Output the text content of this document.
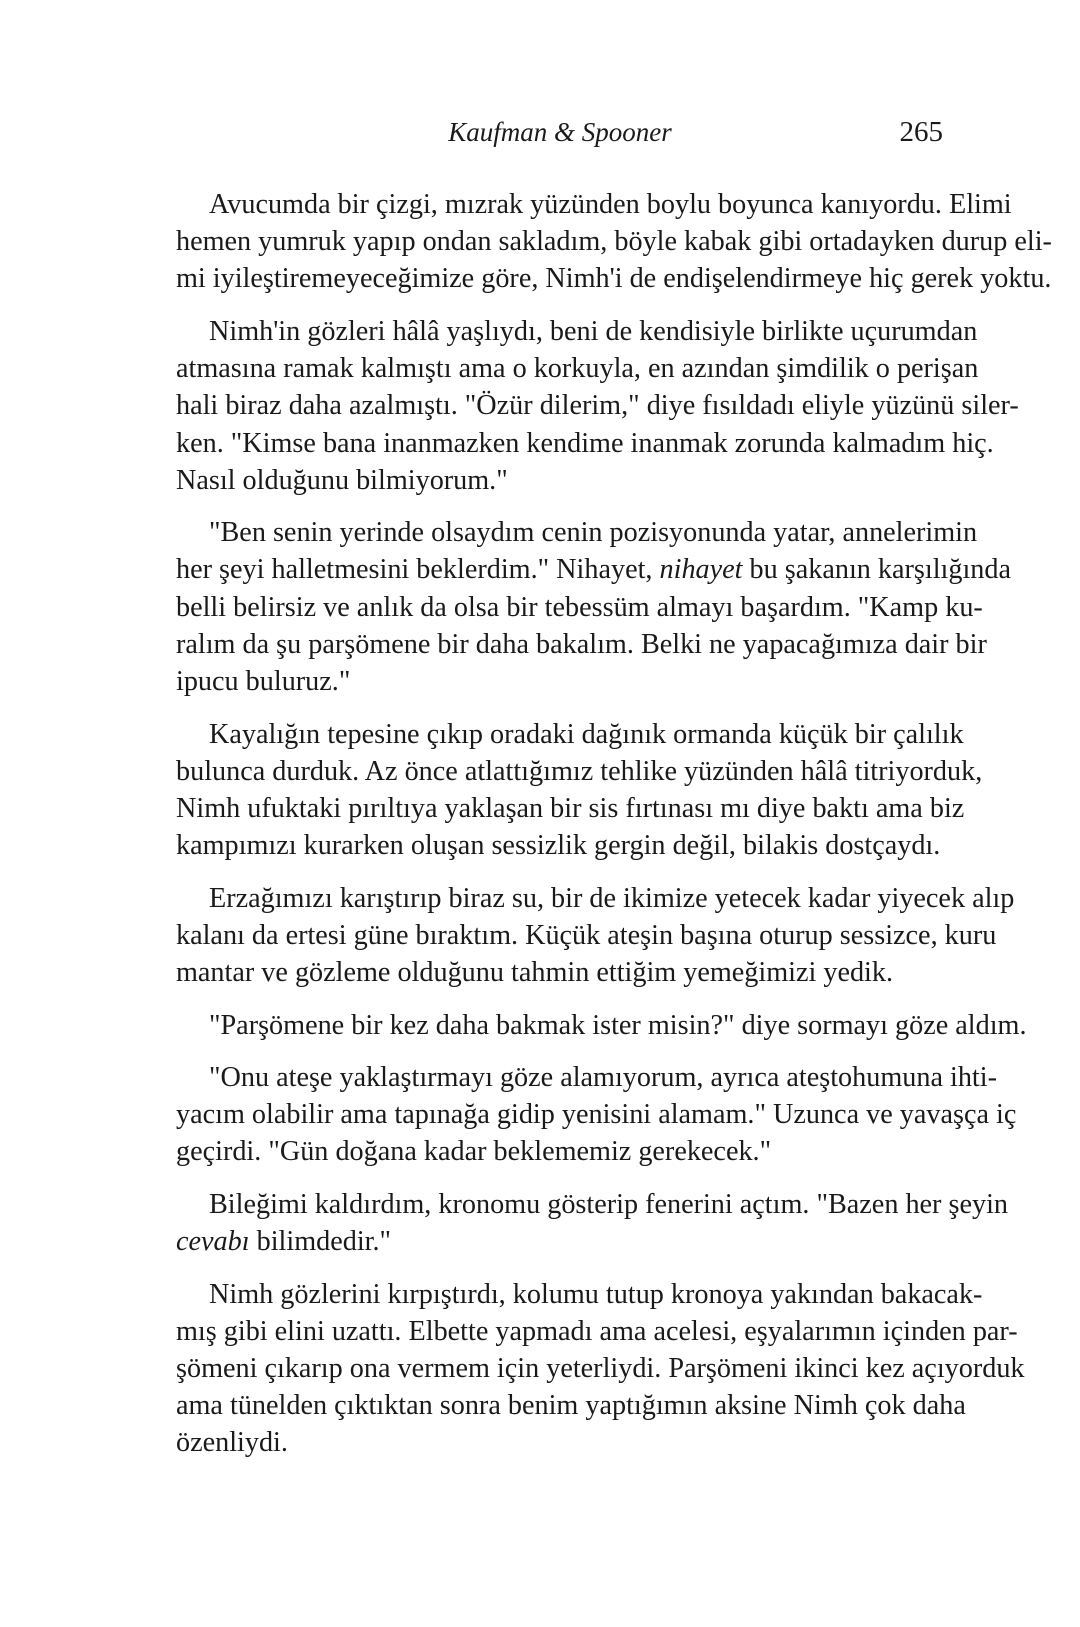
Kaufman & Spooner	265

Avucumda bir çizgi, mızrak yüzünden boylu boyunca kanıyordu. Elimi
hemen yumruk yapıp ondan sakladım, böyle kabak gibi ortadayken durup eli-
mi iyileştiremeyeceğimize göre, Nimh'i de endişelendirmeye hiç gerek yoktu.

Nimh'in gözleri hâlâ yaşlıydı, beni de kendisiyle birlikte uçurumdan
atmasına ramak kalmıştı ama o korkuyla, en azından şimdilik o perişan
hali biraz daha azalmıştı. "Özür dilerim," diye fısıldadı eliyle yüzünü siler-
ken. "Kimse bana inanmazken kendime inanmak zorunda kalmadım hiç.
Nasıl olduğunu bilmiyorum."

"Ben senin yerinde olsaydım cenin pozisyonunda yatar, annelerimin
her şeyi halletmesini beklerdim." Nihayet, nihayet bu şakanın karşılığında
belli belirsiz ve anlık da olsa bir tebessüm almayı başardım. "Kamp ku-
ralım da şu parşömene bir daha bakalım. Belki ne yapacağımıza dair bir
ipucu buluruz."

Kayalığın tepesine çıkıp oradaki dağınık ormanda küçük bir çalılık
bulunca durduk. Az önce atlattığımız tehlike yüzünden hâlâ titriyorduk,
Nimh ufuktaki pırıltıya yaklaşan bir sis fırtınası mı diye baktı ama biz
kampımızı kurarken oluşan sessizlik gergin değil, bilakis dostçaydı.

Erzağımızı karıştırıp biraz su, bir de ikimize yetecek kadar yiyecek alıp
kalanı da ertesi güne bıraktım. Küçük ateşin başına oturup sessizce, kuru
mantar ve gözleme olduğunu tahmin ettiğim yemeğimizi yedik.

"Parşömene bir kez daha bakmak ister misin?" diye sormayı göze aldım.

"Onu ateşe yaklaştırmayı göze alamıyorum, ayrıca ateştohumuna ihti-
yacım olabilir ama tapınağa gidip yenisini alamam." Uzunca ve yavaşça iç
geçirdi. "Gün doğana kadar beklememiz gerekecek."

Bileğimi kaldırdım, kronomu gösterip fenerini açtım. "Bazen her şeyin
cevabı bilimdedir."

Nimh gözlerini kırpıştırdı, kolumu tutup kronoya yakından bakacak-
mış gibi elini uzattı. Elbette yapmadı ama acelesi, eşyalarımın içinden par-
şömeni çıkarıp ona vermem için yeterliydi. Parşömeni ikinci kez açıyorduk
ama tünelden çıktıktan sonra benim yaptığımın aksine Nimh çok daha
özenliydi.
